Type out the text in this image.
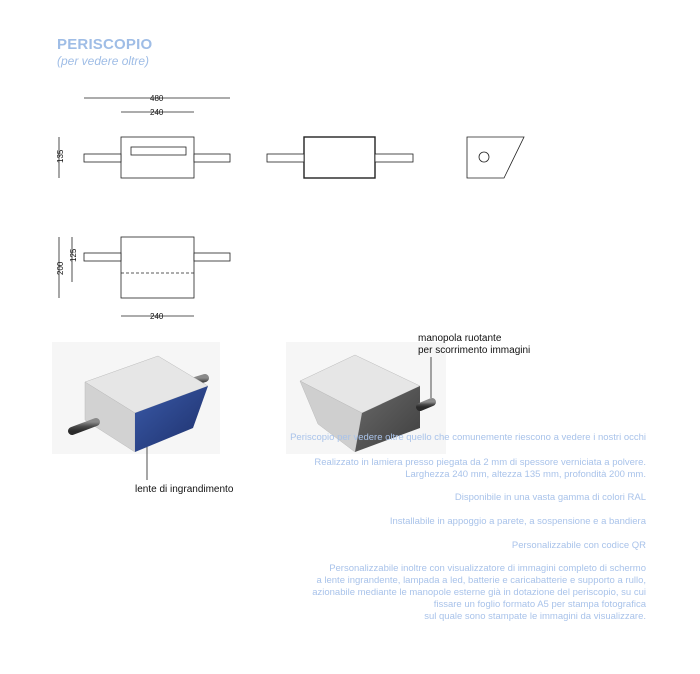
PERISCOPIO
(per vedere oltre)
480
240
135
200
125
240
lente di ingrandimento
manopola ruotante
per scorrimento immagini
Periscopio per vedere oltre quello che comunemente riescono a vedere i nostri occhi
Realizzato in lamiera presso piegata da 2 mm di spessore verniciata a polvere.
Larghezza 240 mm, altezza 135 mm, profondità 200 mm.
Disponibile in una vasta gamma di colori RAL
Installabile in appoggio a parete, a sospensione e a bandiera
Personalizzabile con codice QR
Personalizzabile inoltre con visualizzatore di immagini completo di schermo
a lente ingrandente, lampada a led, batterie e caricabatterie e supporto a rullo,
azionabile mediante le manopole esterne già in dotazione del periscopio, su cui
fissare un foglio formato A5 per stampa fotografica
sul quale sono stampate le immagini da visualizzare.
